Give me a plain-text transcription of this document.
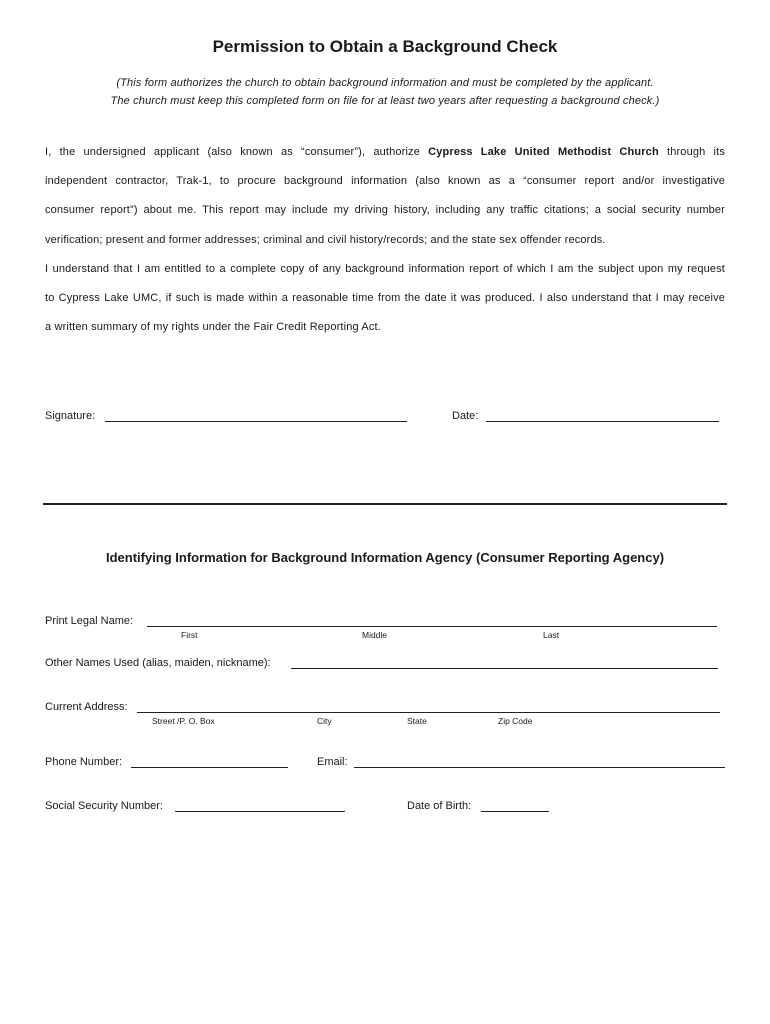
Permission to Obtain a Background Check
(This form authorizes the church to obtain background information and must be completed by the applicant.
The church must keep this completed form on file for at least two years after requesting a background check.)
I, the undersigned applicant (also known as “consumer”), authorize Cypress Lake United Methodist Church through its
independent contractor, Trak-1, to procure background information (also known as a “consumer report and/or investigative
consumer report”) about me. This report may include my driving history, including any traffic citations; a social security number
verification; present and former addresses; criminal and civil history/records; and the state sex offender records.
I understand that I am entitled to a complete copy of any background information report of which I am the subject upon my request
to Cypress Lake UMC, if such is made within a reasonable time from the date it was produced. I also understand that I may receive
a written summary of my rights under the Fair Credit Reporting Act.
Signature:	Date:
Identifying Information for Background Information Agency (Consumer Reporting Agency)
Print Legal Name:
First	Middle	Last
Other Names Used (alias, maiden, nickname):
Current Address:
Street /P. O. Box	City	State	Zip Code
Phone Number:	Email:
Social Security Number:	Date of Birth:
